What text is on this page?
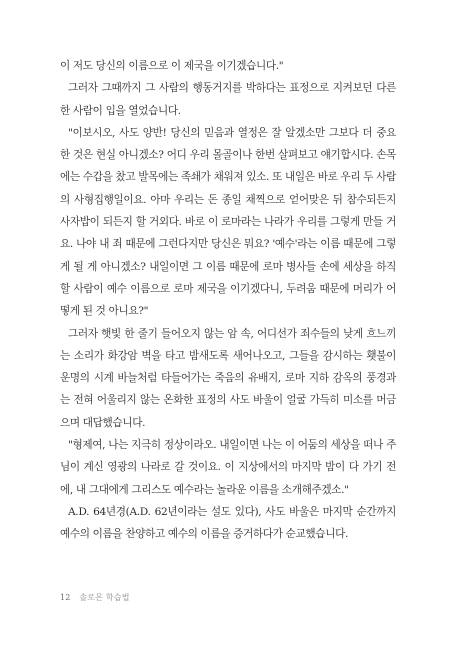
이 저도 당신의 이름으로 이 제국을 이기겠습니다."

그러자 그때까지 그 사람의 행동거지를 박하다는 표정으로 지켜보던 다른 한 사람이 입을 열었습니다.

"이보시오, 사도 양반! 당신의 믿음과 열정은 잘 알겠소만 그보다 더 중요한 것은 현실 아니겠소? 어디 우리 몰골이나 한번 살펴보고 얘기합시다. 손목에는 수갑을 찼고 발목에는 족쇄가 채워져 있소. 또 내일은 바로 우리 두 사람의 사형집행일이요. 아마 우리는 돈 종일 채찍으로 얻어맞은 뒤 참수되든지 사자밥이 되든지 할 거외다. 바로 이 로마라는 나라가 우리를 그렇게 만들 거요. 나야 내 죄 때문에 그런다지만 당신은 뭐요? '예수'라는 이름 때문에 그렇게 될 게 아니겠소? 내일이면 그 이름 때문에 로마 병사들 손에 세상을 하직할 사람이 예수 이름으로 로마 제국을 이기겠다니, 두려움 때문에 머리가 어떻게 된 것 아니요?"

그러자 햇빛 한 줄기 들어오지 않는 암 속, 어디선가 죄수들의 낮게 흐느끼는 소리가 화강암 벽을 타고 밤새도록 새어나오고, 그들을 감시하는 횃불이 운명의 시계 바늘처럼 타들어가는 죽음의 유배지, 로마 지하 감옥의 풍경과는 전혀 어울리지 않는 온화한 표정의 사도 바울이 얼굴 가득히 미소를 머금으며 대답했습니다.

"형제여, 나는 지극히 정상이라오. 내일이면 나는 이 어둠의 세상을 떠나 주님이 계신 영광의 나라로 갈 것이요. 이 지상에서의 마지막 밤이 다 가기 전에, 내 그대에게 그리스도 예수라는 놀라운 이름을 소개해주겠소."

A.D. 64년경(A.D. 62년이라는 설도 있다), 사도 바울은 마지막 순간까지 예수의 이름을 찬양하고 예수의 이름을 증거하다가 순교했습니다.

12 솔로몬 학습법
